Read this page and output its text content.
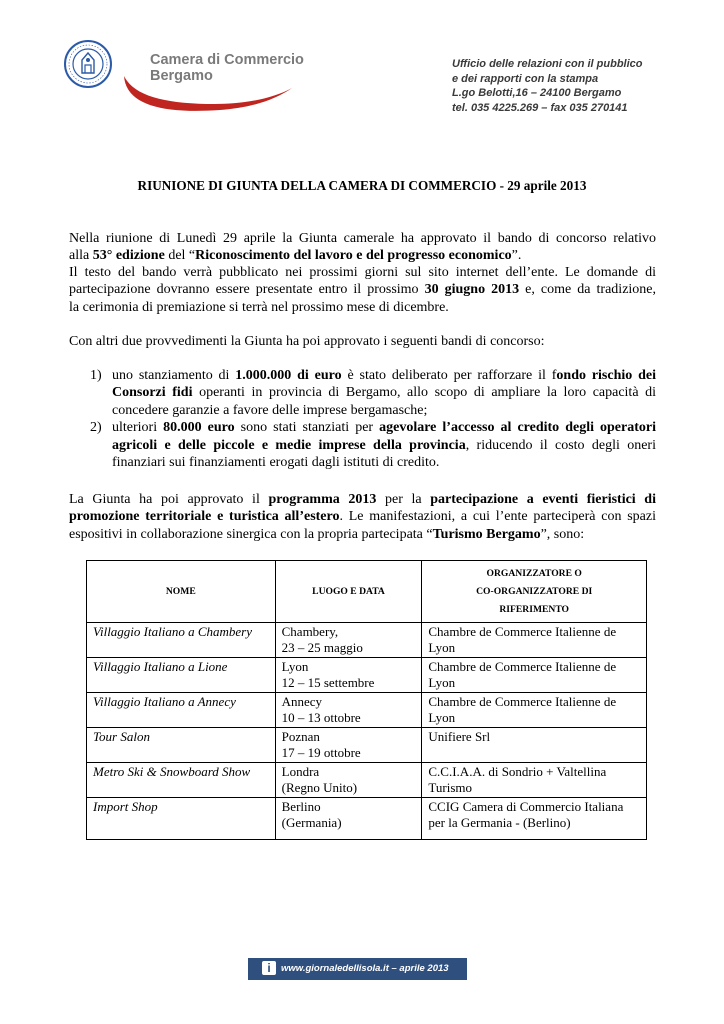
Camera di Commercio
Bergamo
Ufficio delle relazioni con il pubblico
e dei rapporti con la stampa
L.go Belotti,16 – 24100 Bergamo
tel. 035 4225.269 – fax 035 270141
RIUNIONE DI GIUNTA DELLA CAMERA DI COMMERCIO - 29 aprile 2013

Nella riunione di Lunedì 29 aprile la Giunta camerale ha approvato il bando di concorso relativo
alla 53° edizione del “Riconoscimento del lavoro e del progresso economico”.

Il testo del bando verrà pubblicato nei prossimi giorni sul sito internet dell’ente. Le domande di
partecipazione dovranno essere presentate entro il prossimo 30 giugno 2013 e, come da tradizione,
la cerimonia di premiazione si terrà nel prossimo mese di dicembre.

Con altri due provvedimenti la Giunta ha poi approvato i seguenti bandi di concorso:

1) uno stanziamento di 1.000.000 di euro è stato deliberato per rafforzare il fondo rischio dei Consorzi fidi operanti in provincia di Bergamo, allo scopo di ampliare la loro capacità di concedere garanzie a favore delle imprese bergamasche;
2) ulteriori 80.000 euro sono stati stanziati per agevolare l’accesso al credito degli operatori agricoli e delle piccole e medie imprese della provincia, riducendo il costo degli oneri finanziari sui finanziamenti erogati dagli istituti di credito.

La Giunta ha poi approvato il programma 2013 per la partecipazione a eventi fieristici di promozione territoriale e turistica all’estero. Le manifestazioni, a cui l’ente parteciperà con spazi espositivi in collaborazione sinergica con la propria partecipata “Turismo Bergamo”, sono:

NOME	LUOGO E DATA	ORGANIZZATORE O
CO-ORGANIZZATORE DI
RIFERIMENTO

Villaggio Italiano a Chambery	Chambery,
23 – 25 maggio	Chambre de Commerce Italienne de
Lyon

Villaggio Italiano a Lione	Lyon
12 – 15 settembre	Chambre de Commerce Italienne de
Lyon

Villaggio Italiano a Annecy	Annecy
10 – 13 ottobre	Chambre de Commerce Italienne de
Lyon

Tour Salon	Poznan
17 – 19 ottobre	Unifiere Srl

Metro Ski & Snowboard Show	Londra
(Regno Unito)	C.C.I.A.A. di Sondrio + Valtellina
Turismo

Import Shop	Berlino
(Germania)	CCIG Camera di Commercio Italiana
per la Germania - (Berlino)
i	www.giornaledellisola.it – aprile 2013
